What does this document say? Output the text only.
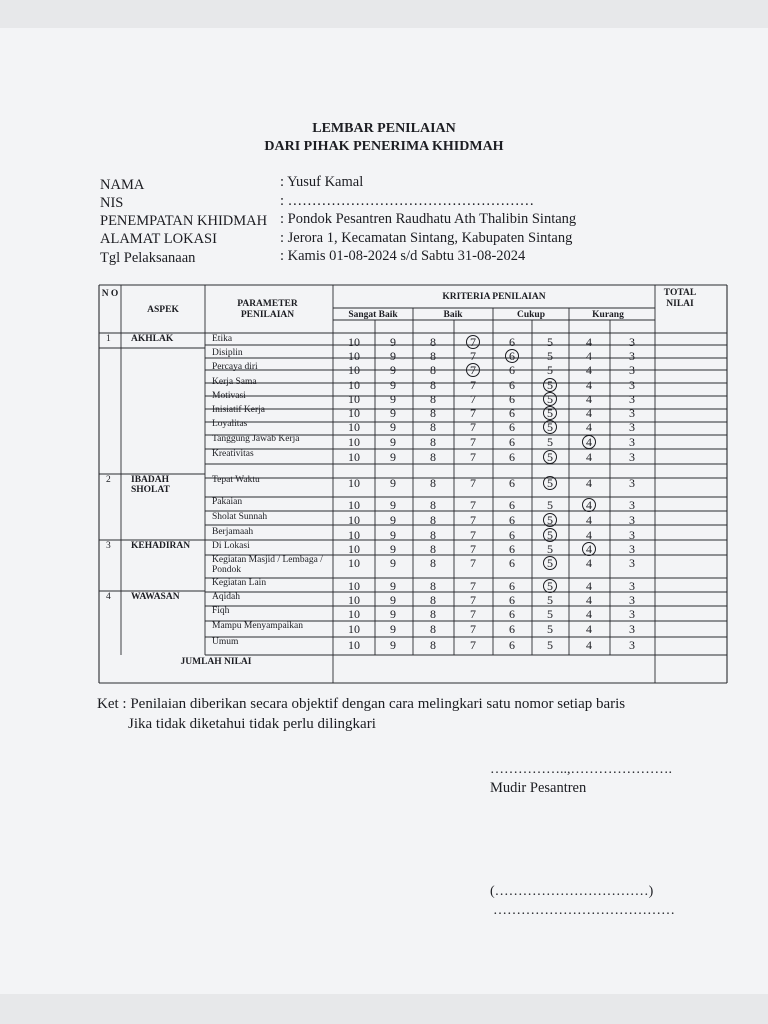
LEMBAR PENILAIAN
DARI PIHAK PENERIMA KHIDMAH
NAMA	: Yusuf Kamal
NIS	: ……………………………………………
PENEMPATAN KHIDMAH : Pondok Pesantren Raudhatu Ath Thalibin Sintang
ALAMAT LOKASI	: Jerora 1, Kecamatan Sintang, Kabupaten Sintang
Tgl Pelaksanaan	: Kamis 01-08-2024 s/d Sabtu 31-08-2024
N O
ASPEK
PARAMETER PENILAIAN
KRITERIA PENILAIAN	TOTAL NILAI
Sangat Baik	Baik	Cukup	Kurang
1 AKHLAK	Etika	10	9	8	7	6	5	4	3
Disiplin	10	9	8	7	6	5	4	3
Percaya diri	10	9	8	7	6	5	4	3
Kerja Sama	10	9	8	7	6	5	4	3
Motivasi	10	9	8	7	6	5	4	3
Inisiatif Kerja	10	9	8	7	6	5	4	3
Loyalitas	10	9	8	7	6	5	4	3
Tanggung Jawab Kerja	10	9	8	7	6	5	4	3
Kreativitas	10	9	8	7	6	5	4	3
2 IBADAH SHOLAT
Tepat Waktu	10	9	8	7	6	5	4	3
Pakaian	10	9	8	7	6	5	4	3
Sholat Sunnah	10	9	8	7	6	5	4	3
Berjamaah	10	9	8	7	6	5	4	3
3 KEHADIRAN	Di Lokasi	10	9	8	7	6	5	4	3
Kegiatan Masjid / Lembaga / Pondok	10	9	8	7	6	5	4	3
Kegiatan Lain	10	9	8	7	6	5	4	3
4 WAWASAN	Aqidah	10	9	8	7	6	5	4	3
Fiqh	10	9	8	7	6	5	4	3
Mampu Menyampaikan	10	9	8	7	6	5	4	3
Umum	10	9	8	7	6	5	4	3
JUMLAH NILAI
Ket : Penilaian diberikan secara objektif dengan cara melingkari satu nomor setiap baris
Jika tidak diketahui tidak perlu dilingkari
……………..,………………….
Mudir Pesantren
(……………………………)
…………………………………
